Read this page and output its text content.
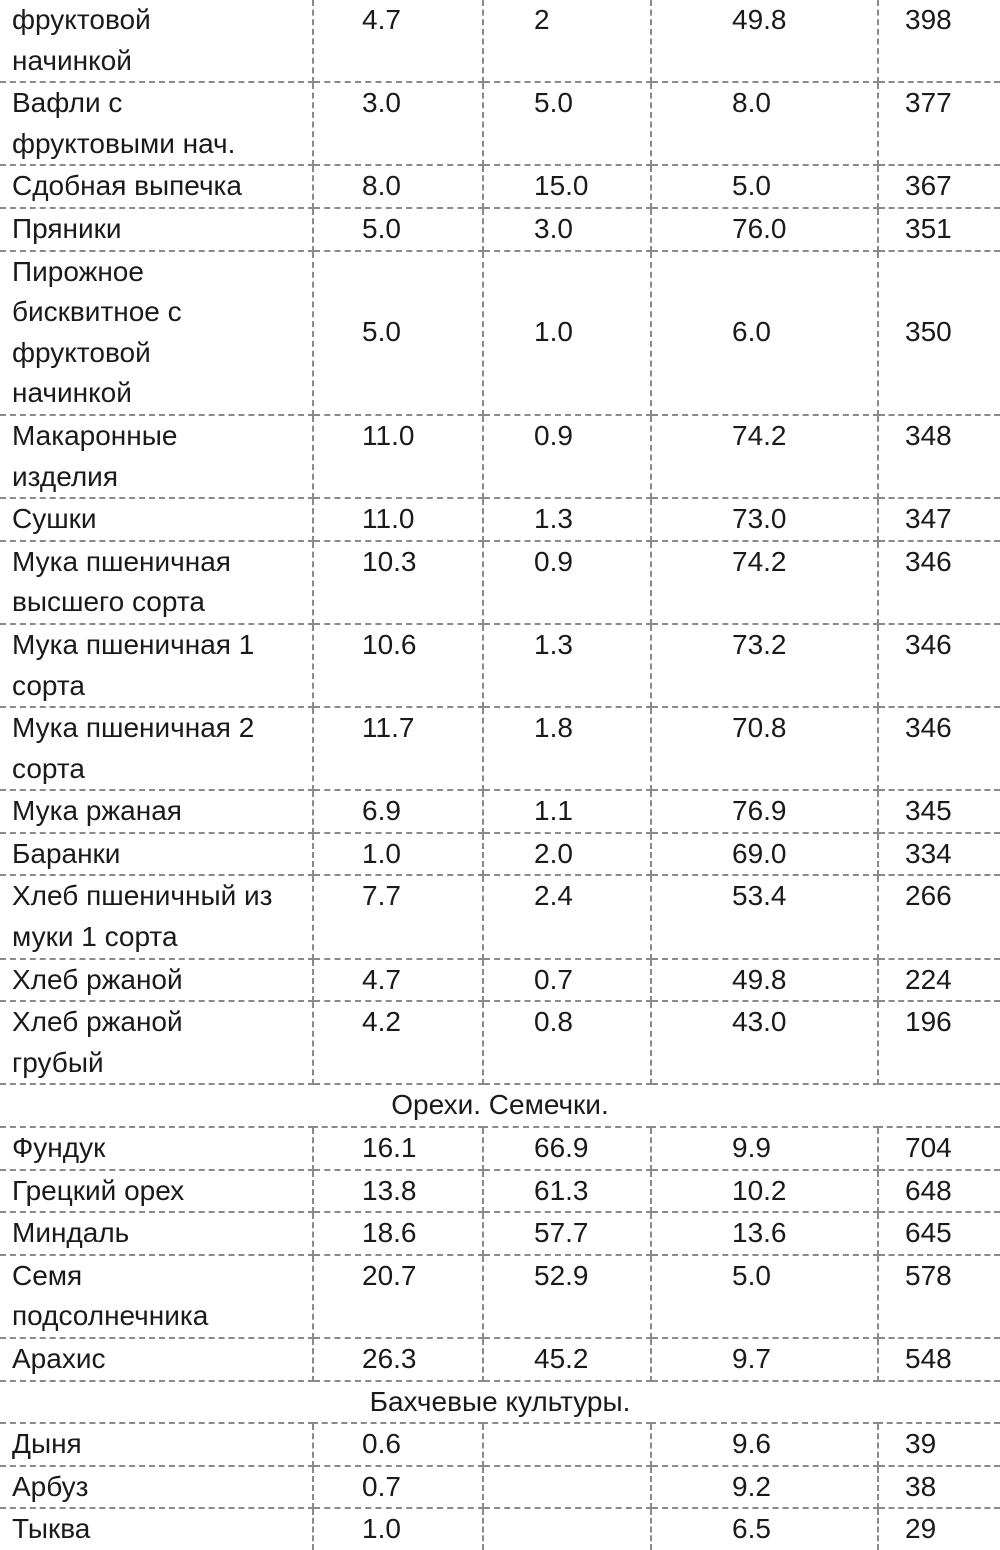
фруктовой
начинкой	4.7	2	49.8	398
Вафли с
фруктовыми нач.	3.0	5.0	8.0	377
Сдобная выпечка	8.0	15.0	5.0	367
Пряники	5.0	3.0	76.0	351
Пирожное
бисквитное с
фруктовой
начинкой	5.0	1.0	6.0	350
Макаронные
изделия	11.0	0.9	74.2	348
Сушки	11.0	1.3	73.0	347
Мука пшеничная
высшего сорта	10.3	0.9	74.2	346
Мука пшеничная 1
сорта	10.6	1.3	73.2	346
Мука пшеничная 2
сорта	11.7	1.8	70.8	346
Мука ржаная	6.9	1.1	76.9	345
Баранки	1.0	2.0	69.0	334
Хлеб пшеничный из
муки 1 сорта	7.7	2.4	53.4	266
Хлеб ржаной	4.7	0.7	49.8	224
Хлеб ржаной
грубый	4.2	0.8	43.0	196
Орехи. Семечки.				
Фундук	16.1	66.9	9.9	704
Грецкий орех	13.8	61.3	10.2	648
Миндаль	18.6	57.7	13.6	645
Семя
подсолнечника	20.7	52.9	5.0	578
Арахис	26.3	45.2	9.7	548
Бахчевые культуры.				
Дыня	0.6		9.6	39
Арбуз	0.7		9.2	38
Тыква	1.0		6.5	29
